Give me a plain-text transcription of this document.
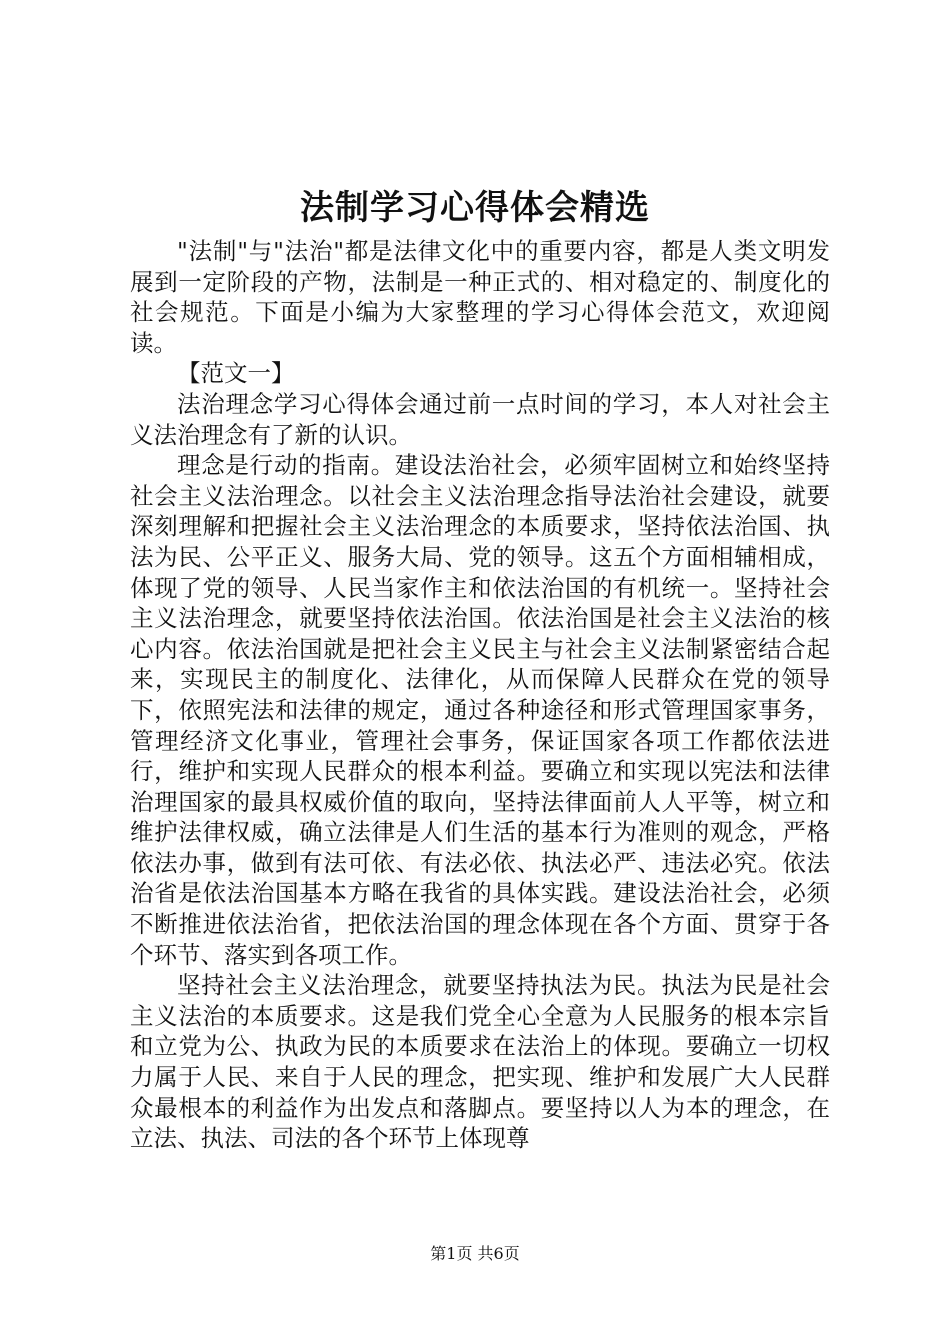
法制学习心得体会精选

"法制"与"法治"都是法律文化中的重要内容，都是人类文明发展到一定阶段的产物，法制是一种正式的、相对稳定的、制度化的社会规范。下面是小编为大家整理的学习心得体会范文，欢迎阅读。

【范文一】

法治理念学习心得体会通过前一点时间的学习，本人对社会主义法治理念有了新的认识。

理念是行动的指南。建设法治社会，必须牢固树立和始终坚持社会主义法治理念。以社会主义法治理念指导法治社会建设，就要深刻理解和把握社会主义法治理念的本质要求，坚持依法治国、执法为民、公平正义、服务大局、党的领导。这五个方面相辅相成，体现了党的领导、人民当家作主和依法治国的有机统一。坚持社会主义法治理念，就要坚持依法治国。依法治国是社会主义法治的核心内容。依法治国就是把社会主义民主与社会主义法制紧密结合起来，实现民主的制度化、法律化，从而保障人民群众在党的领导下，依照宪法和法律的规定，通过各种途径和形式管理国家事务，管理经济文化事业，管理社会事务，保证国家各项工作都依法进行，维护和实现人民群众的根本利益。要确立和实现以宪法和法律治理国家的最具权威价值的取向，坚持法律面前人人平等，树立和维护法律权威，确立法律是人们生活的基本行为准则的观念，严格依法办事，做到有法可依、有法必依、执法必严、违法必究。依法治省是依法治国基本方略在我省的具体实践。建设法治社会，必须不断推进依法治省，把依法治国的理念体现在各个方面、贯穿于各个环节、落实到各项工作。

坚持社会主义法治理念，就要坚持执法为民。执法为民是社会主义法治的本质要求。这是我们党全心全意为人民服务的根本宗旨和立党为公、执政为民的本质要求在法治上的体现。要确立一切权力属于人民、来自于人民的理念，把实现、维护和发展广大人民群众最根本的利益作为出发点和落脚点。要坚持以人为本的理念，在立法、执法、司法的各个环节上体现尊

第1页 共6页
